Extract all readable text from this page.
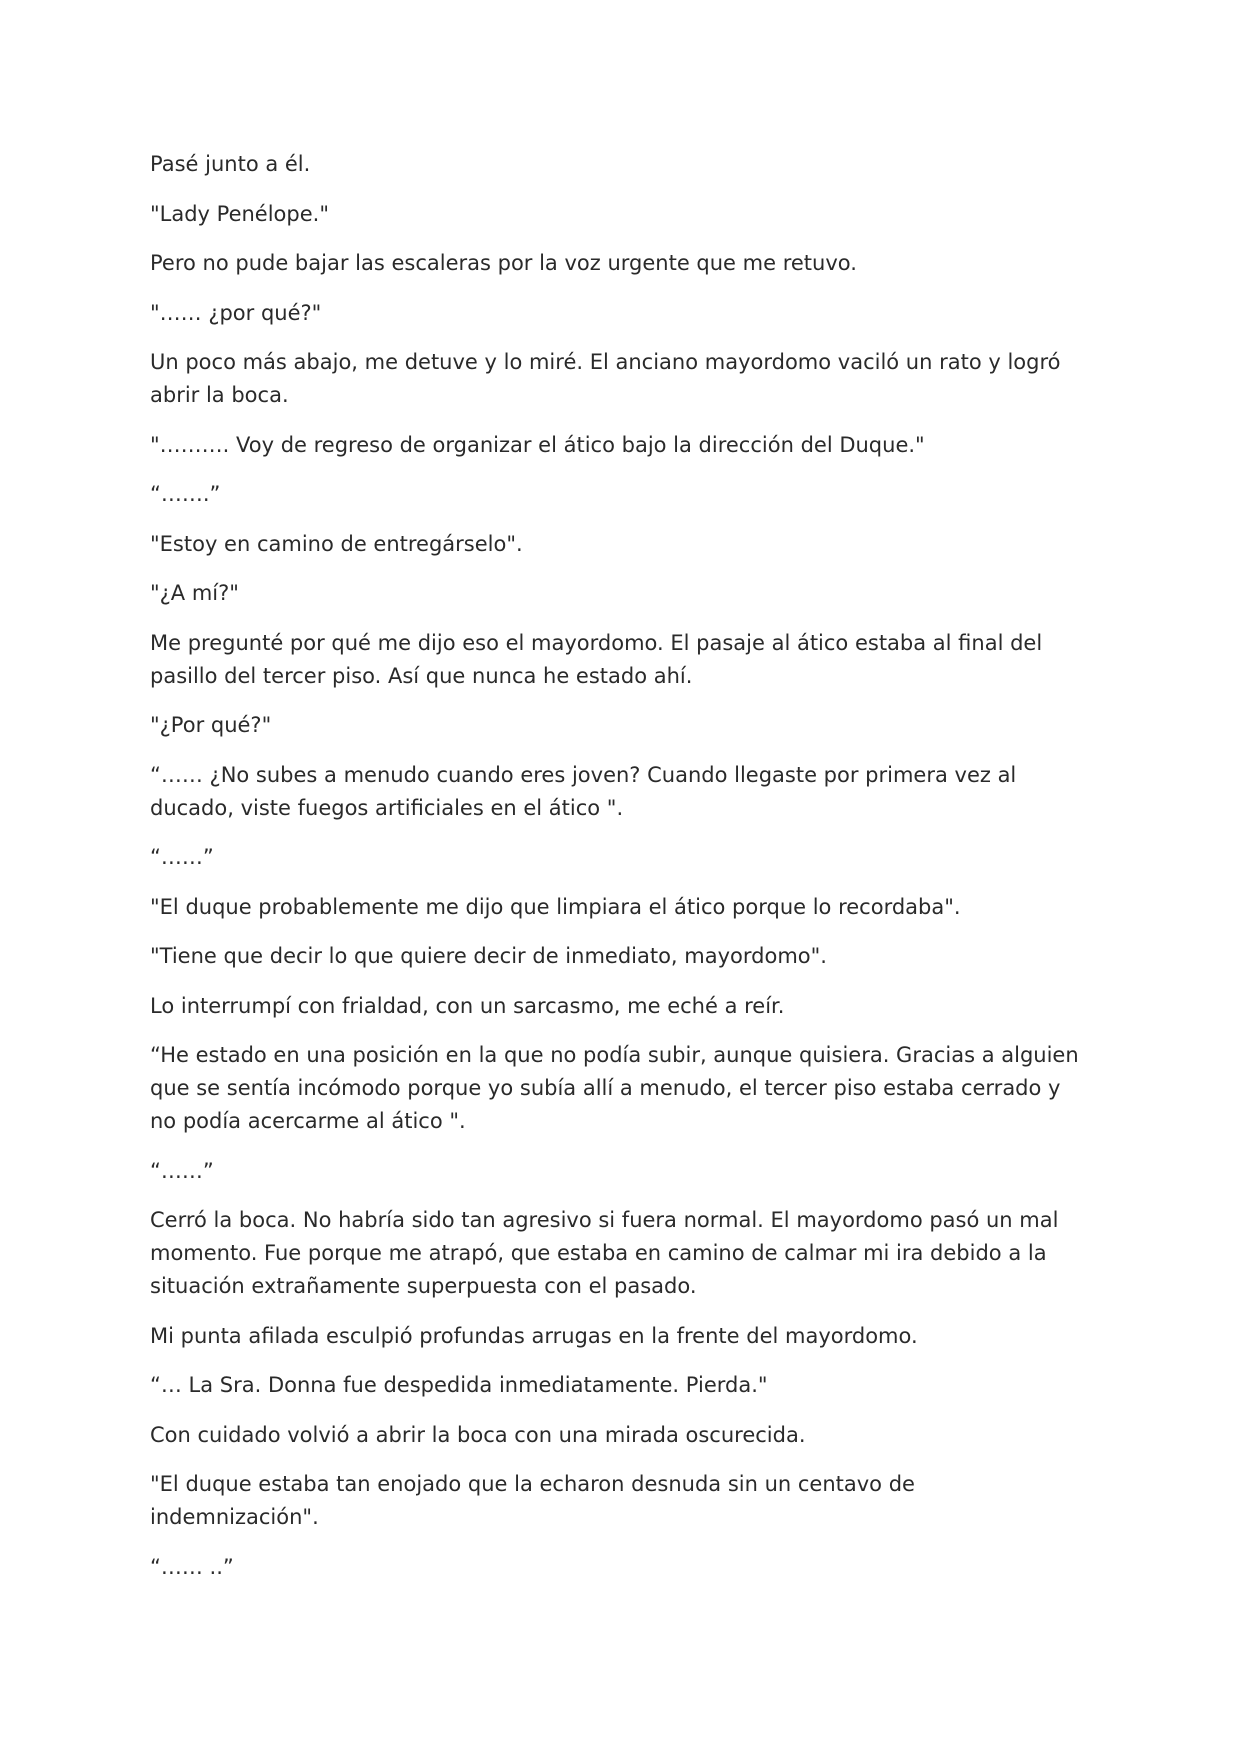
Pasé junto a él.

"Lady Penélope."

Pero no pude bajar las escaleras por la voz urgente que me retuvo.

"…… ¿por qué?"

Un poco más abajo, me detuve y lo miré. El anciano mayordomo vaciló un rato y logró abrir la boca.

"………. Voy de regreso de organizar el ático bajo la dirección del Duque."

“…….”

"Estoy en camino de entregárselo".

"¿A mí?"

Me pregunté por qué me dijo eso el mayordomo. El pasaje al ático estaba al final del pasillo del tercer piso. Así que nunca he estado ahí.

"¿Por qué?"

“…… ¿No subes a menudo cuando eres joven? Cuando llegaste por primera vez al ducado, viste fuegos artificiales en el ático ".

“……”

"El duque probablemente me dijo que limpiara el ático porque lo recordaba".

"Tiene que decir lo que quiere decir de inmediato, mayordomo".

Lo interrumpí con frialdad, con un sarcasmo, me eché a reír.

“He estado en una posición en la que no podía subir, aunque quisiera. Gracias a alguien que se sentía incómodo porque yo subía allí a menudo, el tercer piso estaba cerrado y no podía acercarme al ático ".

“……”

Cerró la boca. No habría sido tan agresivo si fuera normal. El mayordomo pasó un mal momento. Fue porque me atrapó, que estaba en camino de calmar mi ira debido a la situación extrañamente superpuesta con el pasado.

Mi punta afilada esculpió profundas arrugas en la frente del mayordomo.

“… La Sra. Donna fue despedida inmediatamente. Pierda."

Con cuidado volvió a abrir la boca con una mirada oscurecida.

"El duque estaba tan enojado que la echaron desnuda sin un centavo de indemnización".

“…… ..”
